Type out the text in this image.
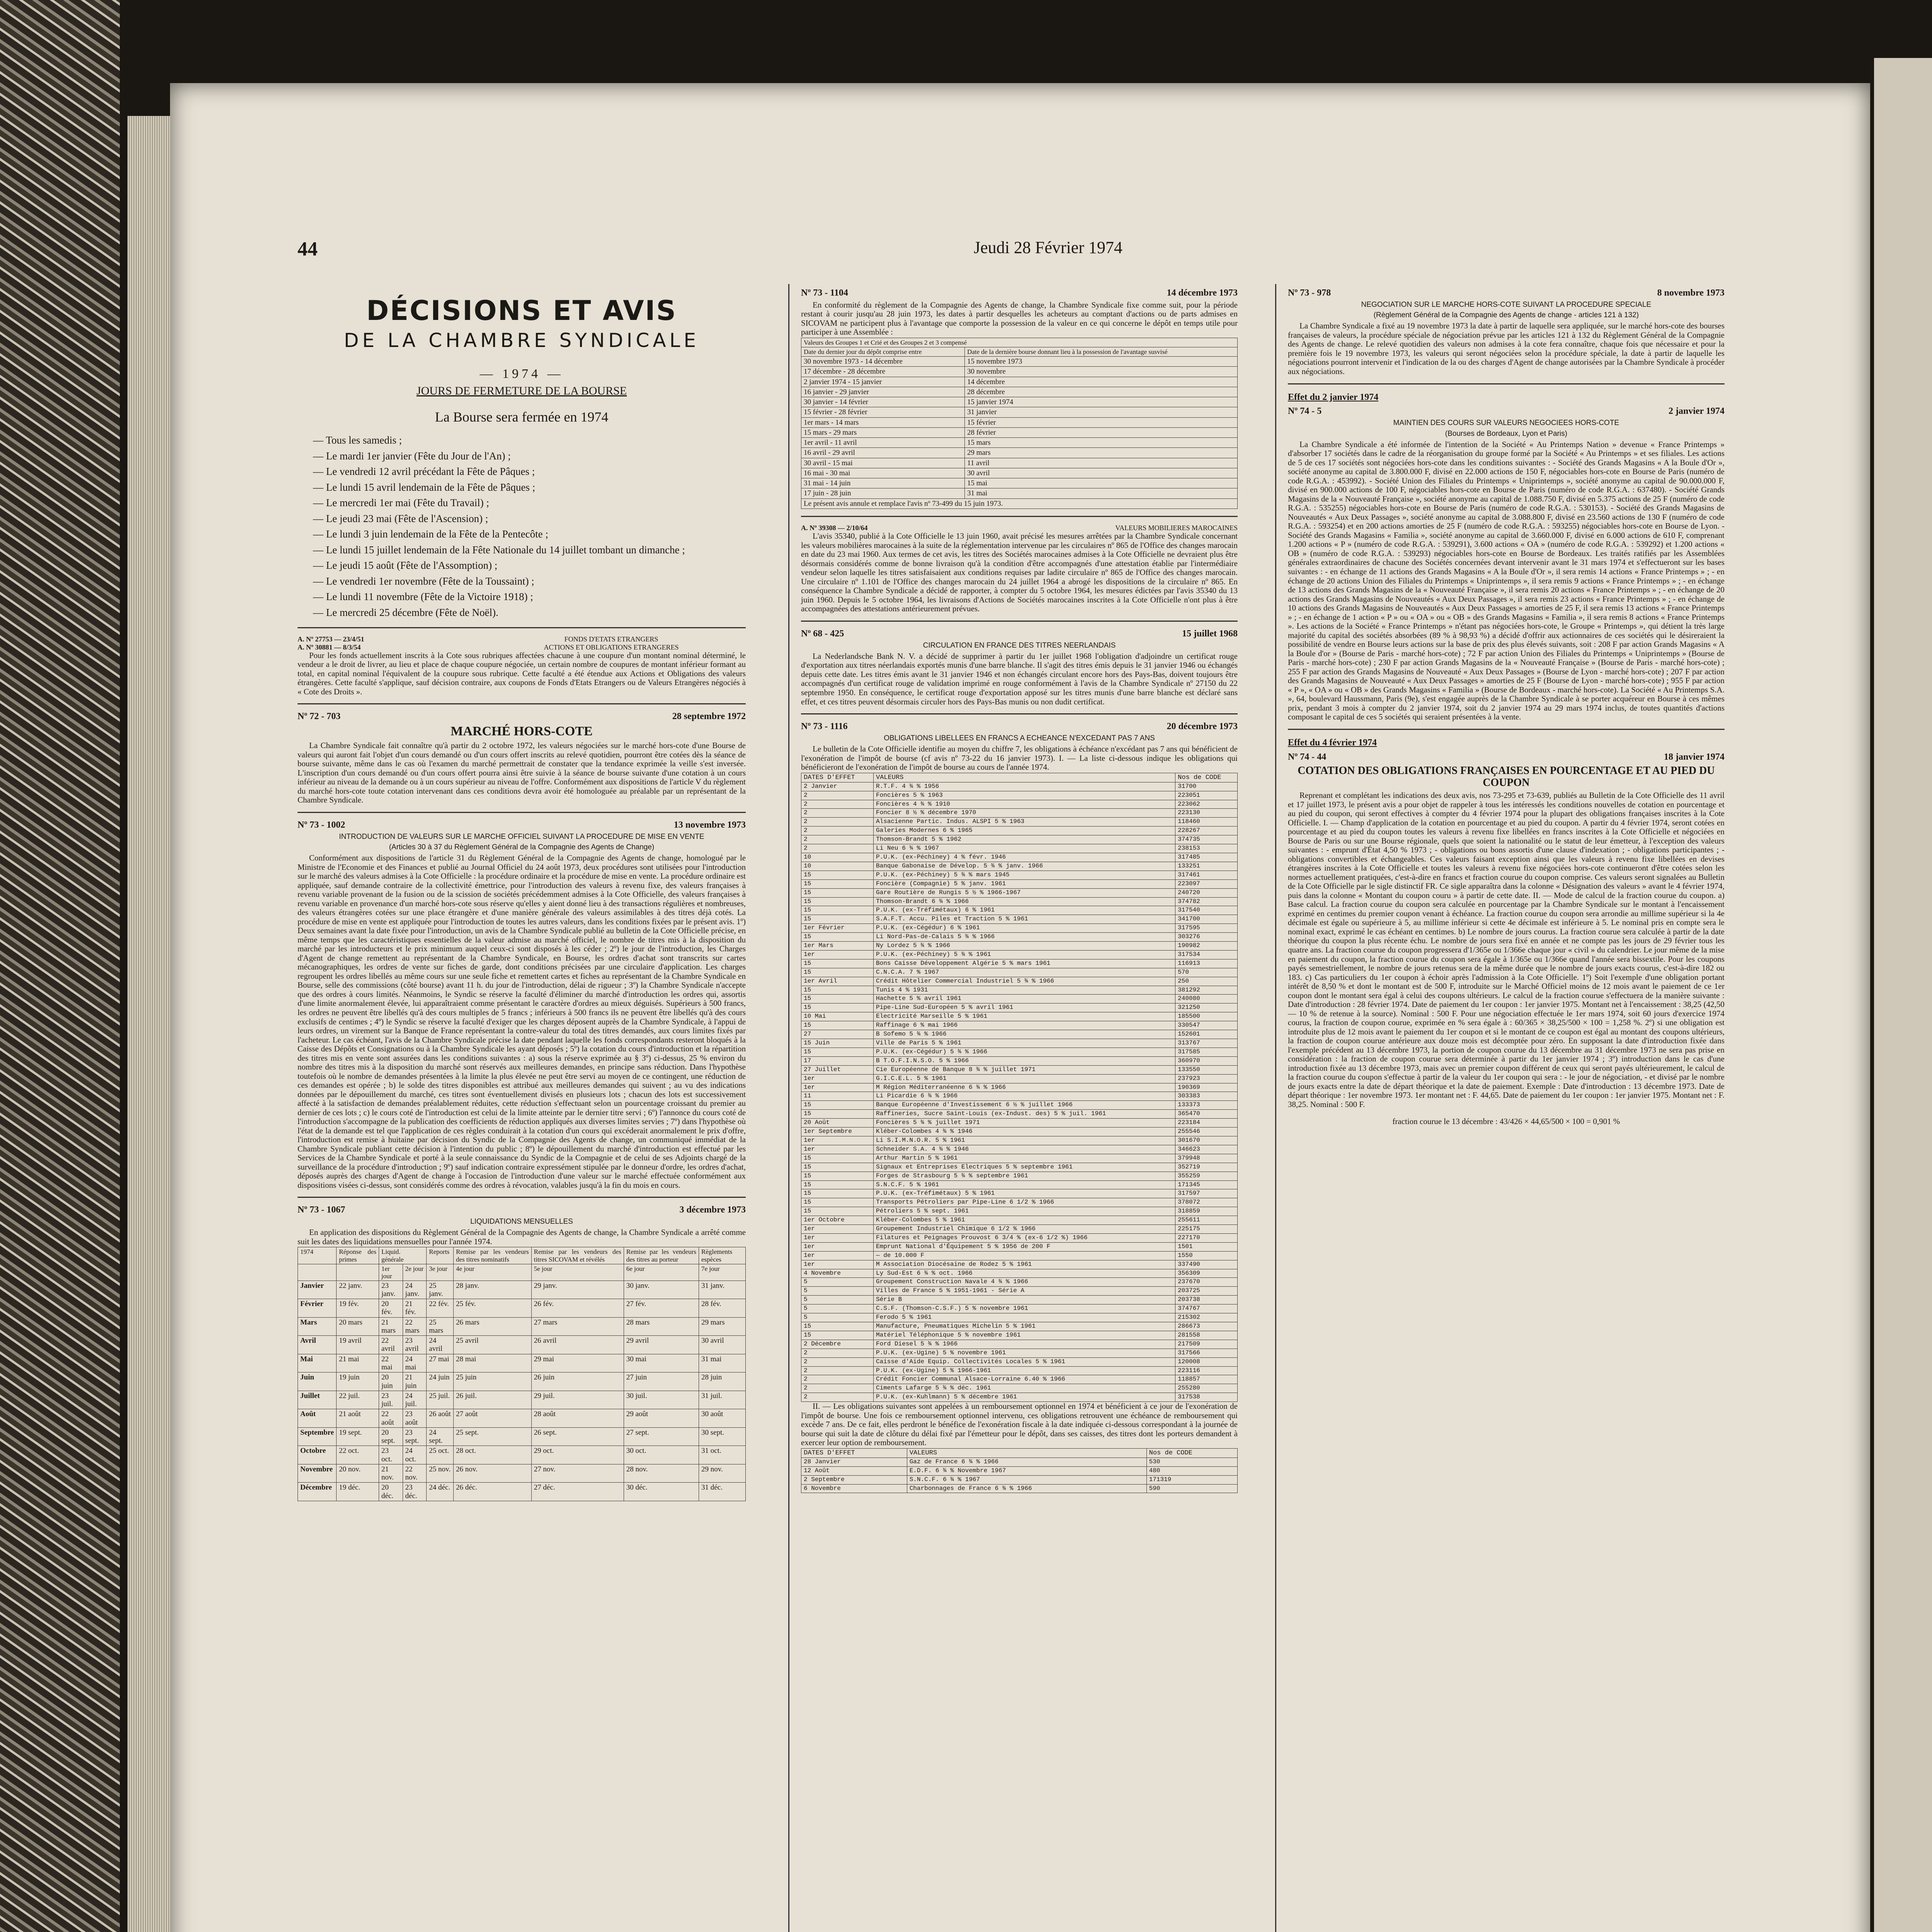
44	Jeudi 28 Février 1974
DÉCISIONS ET AVIS
DE LA CHAMBRE SYNDICALE
— 1974 —
JOURS DE FERMETURE DE LA BOURSE
La Bourse sera fermée en 1974
— Tous les samedis ;
— Le mardi 1er janvier (Fête du Jour de l'An) ;
— Le vendredi 12 avril précédant la Fête de Pâques ;
— Le lundi 15 avril lendemain de la Fête de Pâques ;
— Le mercredi 1er mai (Fête du Travail) ;
— Le jeudi 23 mai (Fête de l'Ascension) ;
— Le lundi 3 juin lendemain de la Fête de la Pentecôte ;
— Le lundi 15 juillet lendemain de la Fête Nationale du 14 juillet tombant un dimanche ;
— Le jeudi 15 août (Fête de l'Assomption) ;
— Le vendredi 1er novembre (Fête de la Toussaint) ;
— Le lundi 11 novembre (Fête de la Victoire 1918) ;
— Le mercredi 25 décembre (Fête de Noël).
A. Nº 27753 — 23/4/51
A. Nº 30881 — 8/3/54
FONDS D'ETATS ETRANGERS
ACTIONS ET OBLIGATIONS ETRANGERES

Pour les fonds actuellement inscrits à la Cote sous rubriques affectées chacune à une coupure d'un montant nominal déterminé, le vendeur a le droit de livrer, au lieu et place de chaque coupure négociée, un certain nombre de coupures de montant inférieur formant au total, en capital nominal l'équivalent de la coupure sous rubrique. Cette faculté a été étendue aux Actions et Obligations des valeurs étrangères. Cette faculté s'applique, sauf décision contraire, aux coupons de Fonds d'Etats Etrangers ou de Valeurs Etrangères négociés à « Cote des Droits ».

Nº 72 - 703	28 septembre 1972
MARCHÉ HORS-COTE

La Chambre Syndicale fait connaître qu'à partir du 2 octobre 1972, les valeurs négociées sur le marché hors-cote d'une Bourse de valeurs qui auront fait l'objet d'un cours demandé ou d'un cours offert inscrits au relevé quotidien, pourront être cotées dès la séance de bourse suivante, même dans le cas où l'examen du marché permettrait de constater que la tendance exprimée la veille s'est inversée. L'inscription d'un cours demandé ou d'un cours offert pourra ainsi être suivie à la séance de bourse suivante d'une cotation à un cours inférieur au niveau de la demande ou à un cours supérieur au niveau de l'offre. Conformément aux dispositions de l'article V du règlement du marché hors-cote toute cotation intervenant dans ces conditions devra avoir été homologuée au préalable par un représentant de la Chambre Syndicale.

Nº 73 - 1002	13 novembre 1973
INTRODUCTION DE VALEURS SUR LE MARCHE OFFICIEL SUIVANT LA PROCEDURE DE MISE EN VENTE
(Articles 30 à 37 du Règlement Général de la Compagnie des Agents de Change)

Conformément aux dispositions de l'article 31 du Règlement Général de la Compagnie des Agents de change, homologué par le Ministre de l'Economie et des Finances et publié au Journal Officiel du 24 août 1973, deux procédures sont utilisées pour l'introduction sur le marché des valeurs admises à la Cote Officielle : la procédure ordinaire et la procédure de mise en vente. La procédure ordinaire est appliquée, sauf demande contraire de la collectivité émettrice, pour l'introduction des valeurs à revenu fixe, des valeurs françaises à revenu variable provenant de la fusion ou de la scission de sociétés précédemment admises à la Cote Officielle, des valeurs françaises à revenu variable en provenance d'un marché hors-cote sous réserve qu'elles y aient donné lieu à des transactions régulières et nombreuses, des valeurs étrangères cotées sur une place étrangère et d'une manière générale des valeurs assimilables à des titres déjà cotés. La procédure de mise en vente est appliquée pour l'introduction de toutes les autres valeurs, dans les conditions fixées par le présent avis. 1º) Deux semaines avant la date fixée pour l'introduction, un avis de la Chambre Syndicale publié au bulletin de la Cote Officielle précise, en même temps que les caractéristiques essentielles de la valeur admise au marché officiel, le nombre de titres mis à la disposition du marché par les introducteurs et le prix minimum auquel ceux-ci sont disposés à les céder ; 2º) le jour de l'introduction, les Charges d'Agent de change remettent au représentant de la Chambre Syndicale, en Bourse, les ordres d'achat sont transcrits sur cartes mécanographiques, les ordres de vente sur fiches de garde, dont conditions précisées par une circulaire d'application. Les charges regroupent les ordres libellés au même cours sur une seule fiche et remettent cartes et fiches au représentant de la Chambre Syndicale en Bourse, selle des commissions (côté bourse) avant 11 h. du jour de l'introduction, délai de rigueur ; 3º) la Chambre Syndicale n'accepte que des ordres à cours limités. Néanmoins, le Syndic se réserve la faculté d'éliminer du marché d'introduction les ordres qui, assortis d'une limite anormalement élevée, lui apparaîtraient comme présentant le caractère d'ordres au mieux déguisés. Supérieurs à 500 francs, les ordres ne peuvent être libellés qu'à des cours multiples de 5 francs ; inférieurs à 500 francs ils ne peuvent être libellés qu'à des cours exclusifs de centimes ; 4º) le Syndic se réserve la faculté d'exiger que les charges déposent auprès de la Chambre Syndicale, à l'appui de leurs ordres, un virement sur la Banque de France représentant la contre-valeur du total des titres demandés, aux cours limites fixés par l'acheteur. Le cas échéant, l'avis de la Chambre Syndicale précise la date pendant laquelle les fonds correspondants resteront bloqués à la Caisse des Dépôts et Consignations ou à la Chambre Syndicale les ayant déposés ; 5º) la cotation du cours d'introduction et la répartition des titres mis en vente sont assurées dans les conditions suivantes : a) sous la réserve exprimée au § 3º) ci-dessus, 25 % environ du nombre des titres mis à la disposition du marché sont réservés aux meilleures demandes, en principe sans réduction. Dans l'hypothèse toutefois où le nombre de demandes présentées à la limite la plus élevée ne peut être servi au moyen de ce contingent, une réduction de ces demandes est opérée ; b) le solde des titres disponibles est attribué aux meilleures demandes qui suivent ; au vu des indications données par le dépouillement du marché, ces titres sont éventuellement divisés en plusieurs lots ; chacun des lots est successivement affecté à la satisfaction de demandes préalablement réduites, cette réduction s'effectuant selon un pourcentage croissant du premier au dernier de ces lots ; c) le cours coté de l'introduction est celui de la limite atteinte par le dernier titre servi ; 6º) l'annonce du cours coté de l'introduction s'accompagne de la publication des coefficients de réduction appliqués aux diverses limites servies ; 7º) dans l'hypothèse où l'état de la demande est tel que l'application de ces règles conduirait à la cotation d'un cours qui excéderait anormalement le prix d'offre, l'introduction est remise à huitaine par décision du Syndic de la Compagnie des Agents de change, un communiqué immédiat de la Chambre Syndicale publiant cette décision à l'intention du public ; 8º) le dépouillement du marché d'introduction est effectué par les Services de la Chambre Syndicale et porté à la seule connaissance du Syndic de la Compagnie et de celui de ses Adjoints chargé de la surveillance de la procédure d'introduction ; 9º) sauf indication contraire expressément stipulée par le donneur d'ordre, les ordres d'achat, déposés auprès des charges d'Agent de change à l'occasion de l'introduction d'une valeur sur le marché effectuée conformément aux dispositions visées ci-dessus, sont considérés comme des ordres à révocation, valables jusqu'à la fin du mois en cours.

Nº 73 - 1067	3 décembre 1973
LIQUIDATIONS MENSUELLES

En application des dispositions du Règlement Général de la Compagnie des Agents de change, la Chambre Syndicale a arrêté comme suit les dates des liquidations mensuelles pour l'année 1974.

1974	Réponse des primes	Liquid. générale		Reports	Remise par les vendeurs des titres nominatifs	Remise par les vendeurs des titres SICOVAM et révélés	Remise par les vendeurs des titres au porteur	Règlements espèces
		1er jour	2e jour	3e jour	4e jour	5e jour	6e jour	7e jour
Janvier	22 janv.	23 janv.	24 janv.	25 janv.	28 janv.	29 janv.	30 janv.	31 janv.
Février	19 fév.	20 fév.	21 fév.	22 fév.	25 fév.	26 fév.	27 fév.	28 fév.
Mars	20 mars	21 mars	22 mars	25 mars	26 mars	27 mars	28 mars	29 mars
Avril	19 avril	22 avril	23 avril	24 avril	25 avril	26 avril	29 avril	30 avril
Mai	21 mai	22 mai	24 mai	27 mai	28 mai	29 mai	30 mai	31 mai
Juin	19 juin	20 juin	21 juin	24 juin	25 juin	26 juin	27 juin	28 juin
Juillet	22 juil.	23 juil.	24 juil.	25 juil.	26 juil.	29 juil.	30 juil.	31 juil.
Août	21 août	22 août	23 août	26 août	27 août	28 août	29 août	30 août
Septembre	19 sept.	20 sept.	23 sept.	24 sept.	25 sept.	26 sept.	27 sept.	30 sept.
Octobre	22 oct.	23 oct.	24 oct.	25 oct.	28 oct.	29 oct.	30 oct.	31 oct.
Novembre	20 nov.	21 nov.	22 nov.	25 nov.	26 nov.	27 nov.	28 nov.	29 nov.
Décembre	19 déc.	20 déc.	23 déc.	24 déc.	26 déc.	27 déc.	30 déc.	31 déc.
Nº 73 - 1104	14 décembre 1973

En conformité du règlement de la Compagnie des Agents de change, la Chambre Syndicale fixe comme suit, pour la période restant à courir jusqu'au 28 juin 1973, les dates à partir desquelles les acheteurs au comptant d'actions ou de parts admises en SICOVAM ne participent plus à l'avantage que comporte la possession de la valeur en ce qui concerne le dépôt en temps utile pour participer à une Assemblée :

Valeurs des Groupes 1 et Crié et des Groupes 2 et 3 compensé	
Date du dernier jour du dépôt comprise entre	Date de la dernière bourse donnant lieu à la possession de l'avantage susvisé
30 novembre 1973 - 14 décembre	15 novembre 1973
17 décembre - 28 décembre	30 novembre
2 janvier 1974 - 15 janvier	14 décembre
16 janvier - 29 janvier	28 décembre
30 janvier - 14 février	15 janvier 1974
15 février - 28 février	31 janvier
1er mars - 14 mars	15 février
15 mars - 29 mars	28 février
1er avril - 11 avril	15 mars
16 avril - 29 avril	29 mars
30 avril - 15 mai	11 avril
16 mai - 30 mai	30 avril
31 mai - 14 juin	15 mai
17 juin - 28 juin	31 mai
Le présent avis annule et remplace l'avis nº 73-499 du 15 juin 1973.	
A. Nº 39308 — 2/10/64	VALEURS MOBILIERES MAROCAINES

L'avis 35340, publié à la Cote Officielle le 13 juin 1960, avait précisé les mesures arrêtées par la Chambre Syndicale concernant les valeurs mobilières marocaines à la suite de la réglementation intervenue par les circulaires nº 865 de l'Office des changes marocain en date du 23 mai 1960. Aux termes de cet avis, les titres des Sociétés marocaines admises à la Cote Officielle ne devraient plus être désormais considérés comme de bonne livraison qu'à la condition d'être accompagnés d'une attestation établie par l'intermédiaire vendeur selon laquelle les titres satisfaisaient aux conditions requises par ladite circulaire nº 865 de l'Office des changes marocain. Une circulaire nº 1.101 de l'Office des changes marocain du 24 juillet 1964 a abrogé les dispositions de la circulaire nº 865. En conséquence la Chambre Syndicale a décidé de rapporter, à compter du 5 octobre 1964, les mesures édictées par l'avis 35340 du 13 juin 1960. Depuis le 5 octobre 1964, les livraisons d'Actions de Sociétés marocaines inscrites à la Cote Officielle n'ont plus à être accompagnées des attestations antérieurement prévues.

Nº 68 - 425	15 juillet 1968
CIRCULATION EN FRANCE DES TITRES NEERLANDAIS

La Nederlandsche Bank N. V. a décidé de supprimer à partir du 1er juillet 1968 l'obligation d'adjoindre un certificat rouge d'exportation aux titres néerlandais exportés munis d'une barre blanche. Il s'agit des titres émis depuis le 31 janvier 1946 ou échangés depuis cette date. Les titres émis avant le 31 janvier 1946 et non échangés circulant encore hors des Pays-Bas, doivent toujours être accompagnés d'un certificat rouge de validation imprimé en rouge conformément à l'avis de la Chambre Syndicale nº 27150 du 22 septembre 1950. En conséquence, le certificat rouge d'exportation apposé sur les titres munis d'une barre blanche est déclaré sans effet, et ces titres peuvent désormais circuler hors des Pays-Bas munis ou non dudit certificat.

Nº 73 - 1116	20 décembre 1973
OBLIGATIONS LIBELLEES EN FRANCS A ECHEANCE N'EXCEDANT PAS 7 ANS

Le bulletin de la Cote Officielle identifie au moyen du chiffre 7, les obligations à échéance n'excédant pas 7 ans qui bénéficient de l'exonération de l'impôt de bourse (cf avis nº 73-22 du 16 janvier 1973). I. — La liste ci-dessous indique les obligations qui bénéficieront de l'exonération de l'impôt de bourse au cours de l'année 1974.

DATES D'EFFET	VALEURS	Nos de CODE
2 Janvier	R.T.F. 4 ¾ % 1956	31700
2	Foncières 5 % 1963	223051
2	Foncières 4 ¾ % 1910	223062
2	Foncier 8 ½ % décembre 1970	223130
2	Alsacienne Partic. Indus. ALSPI 5 % 1963	118460
2	Galeries Modernes 6 % 1965	228267
2	Thomson-Brandt 5 % 1962	374735
2	Li Neu 6 ¾ % 1967	238153
10	P.U.K. (ex-Péchiney) 4 % févr. 1946	317485
10	Banque Gabonaise de Dévelop. 5 ¾ % janv. 1966	133251
15	P.U.K. (ex-Péchiney) 5 ¾ % mars 1945	317461
15	Foncière (Compagnie) 5 % janv. 1961	223097
15	Gare Routière de Rungis 5 ½ % 1966-1967	240720
15	Thomson-Brandt 6 ¾ % 1966	374782
15	P.U.K. (ex-Tréfimétaux) 6 % 1961	317540
15	S.A.F.T. Accu. Piles et Traction 5 % 1961	341700
1er Février	P.U.K. (ex-Cégédur) 6 % 1961	317595
15	Li Nord-Pas-de-Calais 5 ¾ % 1966	303276
1er Mars	Ny Lordez 5 ¾ % 1966	190982
1er	P.U.K. (ex-Péchiney) 5 ¾ % 1961	317534
15	Bons Caisse Développement Algérie 5 % mars 1961	116913
15	C.N.C.A. 7 % 1967	570
1er Avril	Crédit Hôtelier Commercial Industriel 5 ¾ % 1966	250
15	Tunis 4 % 1931	381292
15	Hachette 5 % avril 1961	240080
15	Pipe-Line Sud-Européen 5 % avril 1961	321250
10 Mai	Electricité Marseille 5 % 1961	185500
15	Raffinage 6 % mai 1966	330547
27	B Sofemo 5 ¾ % 1966	152601
15 Juin	Ville de Paris 5 % 1961	313767
15	P.U.K. (ex-Cégédur) 5 ¾ % 1966	317585
17	B T.O.F.I.N.S.O. 5 % 1966	360970
27 Juillet	Cie Européenne de Banque 8 ¾ % juillet 1971	133550
1er	G.I.C.E.L. 5 % 1961	237923
1er	M Région Méditerranéenne 6 ¾ % 1966	190369
11	Li Picardie 6 ¾ % 1966	303383
15	Banque Européenne d'Investissement 6 ½ % juillet 1966	133373
15	Raffineries, Sucre Saint-Louis (ex-Indust. des) 5 % juil. 1961	365470
20 Août	Foncières 5 ¾ % juillet 1971	223184
1er Septembre	Kléber-Colombes 4 ¾ % 1946	255546
1er	Li S.I.M.N.O.R. 5 % 1961	301670
1er	Schneider S.A. 4 ¾ % 1946	346623
15	Arthur Martin 5 % 1961	379948
15	Signaux et Entreprises Electriques 5 % septembre 1961	352719
15	Forges de Strasbourg 5 ¾ % septembre 1961	355259
15	S.N.C.F. 5 % 1961	171345
15	P.U.K. (ex-Tréfimétaux) 5 % 1961	317597
15	Transports Pétroliers par Pipe-Line 6 1/2 % 1966	378072
15	Pétroliers 5 % sept. 1961	318859
1er Octobre	Kléber-Colombes 5 % 1961	255611
1er	Groupement Industriel Chimique 6 1/2 % 1966	225175
1er	Filatures et Peignages Prouvost 6 3/4 % (ex-6 1/2 %) 1966	227170
1er	Emprunt National d'Équipement 5 % 1956 de 200 F	1501
1er	— de 10.000 F	1550
1er	M Association Diocésaine de Rodez 5 % 1961	337490
4 Novembre	Ly Sud-Est 6 ¾ % oct. 1966	356309
5	Groupement Construction Navale 4 ¾ % 1966	237670
5	Villes de France 5 % 1951-1961 - Série A	203725
5	Série B	203738
5	C.S.F. (Thomson-C.S.F.) 5 % novembre 1961	374767
5	Ferodo 5 % 1961	215302
15	Manufacture, Pneumatiques Michelin 5 % 1961	286673
15	Matériel Téléphonique 5 % novembre 1961	281558
2 Décembre	Ford Diesel 5 ¾ % 1966	217509
2	P.U.K. (ex-Ugine) 5 % novembre 1961	317566
2	Caisse d'Aide Equip. Collectivités Locales 5 % 1961	120008
2	P.U.K. (ex-Ugine) 5 % 1966-1961	223116
2	Crédit Foncier Communal Alsace-Lorraine 6.40 % 1966	118857
2	Ciments Lafarge 5 ¾ % déc. 1961	255280
2	P.U.K. (ex-Kuhlmann) 5 % décembre 1961	317538

II. — Les obligations suivantes sont appelées à un remboursement optionnel en 1974 et bénéficient à ce jour de l'exonération de l'impôt de bourse. Une fois ce remboursement optionnel intervenu, ces obligations retrouvent une échéance de remboursement qui excède 7 ans. De ce fait, elles perdront le bénéfice de l'exonération fiscale à la date indiquée ci-dessous correspondant à la journée de bourse qui suit la date de clôture du délai fixé par l'émetteur pour le dépôt, dans ses caisses, des titres dont les porteurs demandent à exercer leur option de remboursement.

DATES D'EFFET	VALEURS	Nos de CODE
28 Janvier	Gaz de France 6 ¾ % 1966	530
12 Août	E.D.F. 6 ¾ % Novembre 1967	480
2 Septembre	S.N.C.F. 6 ¾ % 1967	171319
6 Novembre	Charbonnages de France 6 ¾ % 1966	590
Nº 73 - 978	8 novembre 1973
NEGOCIATION SUR LE MARCHE HORS-COTE SUIVANT LA PROCEDURE SPECIALE
(Règlement Général de la Compagnie des Agents de change - articles 121 à 132)

La Chambre Syndicale a fixé au 19 novembre 1973 la date à partir de laquelle sera appliquée, sur le marché hors-cote des bourses françaises de valeurs, la procédure spéciale de négociation prévue par les articles 121 à 132 du Règlement Général de la Compagnie des Agents de change. Le relevé quotidien des valeurs non admises à la cote fera connaître, chaque fois que nécessaire et pour la première fois le 19 novembre 1973, les valeurs qui seront négociées selon la procédure spéciale, la date à partir de laquelle les négociations pourront intervenir et l'indication de la ou des charges d'Agent de change autorisées par la Chambre Syndicale à procéder aux négociations.

Effet du 2 janvier 1974
Nº 74 - 5	2 janvier 1974
MAINTIEN DES COURS SUR VALEURS NEGOCIEES HORS-COTE
(Bourses de Bordeaux, Lyon et Paris)

La Chambre Syndicale a été informée de l'intention de la Société « Au Printemps Nation » devenue « France Printemps » d'absorber 17 sociétés dans le cadre de la réorganisation du groupe formé par la Société « Au Printemps » et ses filiales. Les actions de 5 de ces 17 sociétés sont négociées hors-cote dans les conditions suivantes : - Société des Grands Magasins « A la Boule d'Or », société anonyme au capital de 3.800.000 F, divisé en 22.000 actions de 150 F, négociables hors-cote en Bourse de Paris (numéro de code R.G.A. : 453992). - Société Union des Filiales du Printemps « Uniprintemps », société anonyme au capital de 90.000.000 F, divisé en 900.000 actions de 100 F, négociables hors-cote en Bourse de Paris (numéro de code R.G.A. : 637480). - Société Grands Magasins de la « Nouveauté Française », société anonyme au capital de 1.088.750 F, divisé en 5.375 actions de 25 F (numéro de code R.G.A. : 535255) négociables hors-cote en Bourse de Paris (numéro de code R.G.A. : 530153). - Société des Grands Magasins de Nouveautés « Aux Deux Passages », société anonyme au capital de 3.088.800 F, divisé en 23.560 actions de 130 F (numéro de code R.G.A. : 593254) et en 200 actions amorties de 25 F (numéro de code R.G.A. : 593255) négociables hors-cote en Bourse de Lyon. - Société des Grands Magasins « Familia », société anonyme au capital de 3.660.000 F, divisé en 6.000 actions de 610 F, comprenant 1.200 actions « P » (numéro de code R.G.A. : 539291), 3.600 actions « OA » (numéro de code R.G.A. : 539292) et 1.200 actions « OB » (numéro de code R.G.A. : 539293) négociables hors-cote en Bourse de Bordeaux. Les traités ratifiés par les Assemblées générales extraordinaires de chacune des Sociétés concernées devant intervenir avant le 31 mars 1974 et s'effectueront sur les bases suivantes : - en échange de 11 actions des Grands Magasins « A la Boule d'Or », il sera remis 14 actions « France Printemps » ; - en échange de 20 actions Union des Filiales du Printemps « Uniprintemps », il sera remis 9 actions « France Printemps » ; - en échange de 13 actions des Grands Magasins de la « Nouveauté Française », il sera remis 20 actions « France Printemps » ; - en échange de 20 actions des Grands Magasins de Nouveautés « Aux Deux Passages », il sera remis 23 actions « France Printemps » ; - en échange de 10 actions des Grands Magasins de Nouveautés « Aux Deux Passages » amorties de 25 F, il sera remis 13 actions « France Printemps » ; - en échange de 1 action « P » ou « OA » ou « OB » des Grands Magasins « Familia », il sera remis 8 actions « France Printemps ». Les actions de la Société « France Printemps » n'étant pas négociées hors-cote, le Groupe « Printemps », qui détient la très large majorité du capital des sociétés absorbées (89 % à 98,93 %) a décidé d'offrir aux actionnaires de ces sociétés qui le désireraient la possibilité de vendre en Bourse leurs actions sur la base de prix des plus élevés suivants, soit : 208 F par action Grands Magasins « A la Boule d'or » (Bourse de Paris - marché hors-cote) ; 72 F par action Union des Filiales du Printemps « Uniprintemps » (Bourse de Paris - marché hors-cote) ; 230 F par action Grands Magasins de la « Nouveauté Française » (Bourse de Paris - marché hors-cote) ; 255 F par action des Grands Magasins de Nouveauté « Aux Deux Passages » (Bourse de Lyon - marché hors-cote) ; 207 F par action des Grands Magasins de Nouveauté « Aux Deux Passages » amorties de 25 F (Bourse de Lyon - marché hors-cote) ; 955 F par action « P », « OA » ou « OB » des Grands Magasins « Familia » (Bourse de Bordeaux - marché hors-cote). La Société « Au Printemps S.A. », 64, boulevard Haussmann, Paris (9e), s'est engagée auprès de la Chambre Syndicale à se porter acquéreur en Bourse à ces mêmes prix, pendant 3 mois à compter du 2 janvier 1974, soit du 2 janvier 1974 au 29 mars 1974 inclus, de toutes quantités d'actions composant le capital de ces 5 sociétés qui seraient présentées à la vente.

Effet du 4 février 1974
Nº 74 - 44	18 janvier 1974
COTATION DES OBLIGATIONS FRANÇAISES EN POURCENTAGE ET AU PIED DU COUPON

Reprenant et complétant les indications des deux avis, nos 73-295 et 73-639, publiés au Bulletin de la Cote Officielle des 11 avril et 17 juillet 1973, le présent avis a pour objet de rappeler à tous les intéressés les conditions nouvelles de cotation en pourcentage et au pied du coupon, qui seront effectives à compter du 4 février 1974 pour la plupart des obligations françaises inscrites à la Cote Officielle. I. — Champ d'application de la cotation en pourcentage et au pied du coupon. A partir du 4 février 1974, seront cotées en pourcentage et au pied du coupon toutes les valeurs à revenu fixe libellées en francs inscrites à la Cote Officielle et négociées en Bourse de Paris ou sur une Bourse régionale, quels que soient la nationalité ou le statut de leur émetteur, à l'exception des valeurs suivantes : - emprunt d'État 4,50 % 1973 ; - obligations ou bons assortis d'une clause d'indexation ; - obligations participantes ; - obligations convertibles et échangeables. Ces valeurs faisant exception ainsi que les valeurs à revenu fixe libellées en devises étrangères inscrites à la Cote Officielle et toutes les valeurs à revenu fixe négociées hors-cote continueront d'être cotées selon les normes actuellement pratiquées, c'est-à-dire en francs et fraction courue du coupon comprise. Ces valeurs seront signalées au Bulletin de la Cote Officielle par le sigle distinctif FR. Ce sigle apparaîtra dans la colonne « Désignation des valeurs » avant le 4 février 1974, puis dans la colonne « Montant du coupon couru » à partir de cette date. II. — Mode de calcul de la fraction courue du coupon. a) Base calcul. La fraction courue du coupon sera calculée en pourcentage par la Chambre Syndicale sur le montant à l'encaissement exprimé en centimes du premier coupon venant à échéance. La fraction courue du coupon sera arrondie au millime supérieur si la 4e décimale est égale ou supérieure à 5, au millime inférieur si cette 4e décimale est inférieure à 5. Le nominal pris en compte sera le nominal exact, exprimé le cas échéant en centimes. b) Le nombre de jours courus. La fraction courue sera calculée à partir de la date théorique du coupon la plus récente échu. Le nombre de jours sera fixé en année et ne compte pas les jours de 29 février tous les quatre ans. La fraction courue du coupon progressera d'1/365e ou 1/366e chaque jour « civil » du calendrier. Le jour même de la mise en paiement du coupon, la fraction courue du coupon sera égale à 1/365e ou 1/366e quand l'année sera bissextile. Pour les coupons payés semestriellement, le nombre de jours retenus sera de la même durée que le nombre de jours exacts courus, c'est-à-dire 182 ou 183. c) Cas particuliers du 1er coupon à échoir après l'admission à la Cote Officielle. 1º) Soit l'exemple d'une obligation portant intérêt de 8,50 % et dont le montant est de 500 F, introduite sur le Marché Officiel moins de 12 mois avant le paiement de ce 1er coupon dont le montant sera égal à celui des coupons ultérieurs. Le calcul de la fraction courue s'effectuera de la manière suivante : Date d'introduction : 28 février 1974. Date de paiement du 1er coupon : 1er janvier 1975. Montant net à l'encaissement : 38,25 (42,50 — 10 % de retenue à la source). Nominal : 500 F. Pour une négociation effectuée le 1er mars 1974, soit 60 jours d'exercice 1974 courus, la fraction de coupon courue, exprimée en % sera égale à : 60/365 × 38,25/500 × 100 = 1,258 %. 2º) si une obligation est introduite plus de 12 mois avant le paiement du 1er coupon et si le montant de ce coupon est égal au montant des coupons ultérieurs, la fraction de coupon courue antérieure aux douze mois est décomptée pour zéro. En supposant la date d'introduction fixée dans l'exemple précédent au 13 décembre 1973, la portion de coupon courue du 13 décembre au 31 décembre 1973 ne sera pas prise en considération : la fraction de coupon courue sera déterminée à partir du 1er janvier 1974 ; 3º) introduction dans le cas d'une introduction fixée au 13 décembre 1973, mais avec un premier coupon différent de ceux qui seront payés ultérieurement, le calcul de la fraction courue du coupon s'effectue à partir de la valeur du 1er coupon qui sera : - le jour de négociation, - et divisé par le nombre de jours exacts entre la date de départ théorique et la date de paiement. Exemple : Date d'introduction : 13 décembre 1973. Date de départ théorique : 1er novembre 1973. 1er montant net : F. 44,65. Date de paiement du 1er coupon : 1er janvier 1975. Montant net : F. 38,25. Nominal : 500 F.

fraction courue le 13 décembre : 43/426 × 44,65/500 × 100 = 0,901 %
